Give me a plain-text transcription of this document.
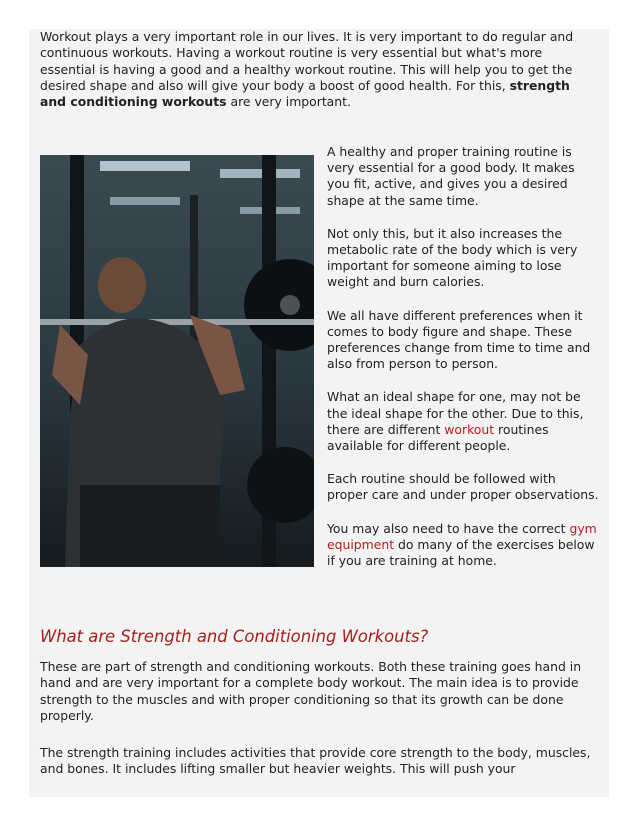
Workout plays a very important role in our lives. It is very important to do regular and continuous workouts. Having a workout routine is very essential but what's more essential is having a good and a healthy workout routine. This will help you to get the desired shape and also will give your body a boost of good health. For this, strength and conditioning workouts are very important.

A healthy and proper training routine is very essential for a good body. It makes you fit, active, and gives you a desired shape at the same time.

Not only this, but it also increases the metabolic rate of the body which is very important for someone aiming to lose weight and burn calories.

We all have different preferences when it comes to body figure and shape. These preferences change from time to time and also from person to person.

What an ideal shape for one, may not be the ideal shape for the other. Due to this, there are different workout routines available for different people.

Each routine should be followed with proper care and under proper observations.

You may also need to have the correct gym equipment do many of the exercises below if you are training at home.

What are Strength and Conditioning Workouts?

These are part of strength and conditioning workouts. Both these training goes hand in hand and are very important for a complete body workout. The main idea is to provide strength to the muscles and with proper conditioning so that its growth can be done properly.

The strength training includes activities that provide core strength to the body, muscles, and bones. It includes lifting smaller but heavier weights. This will push your
